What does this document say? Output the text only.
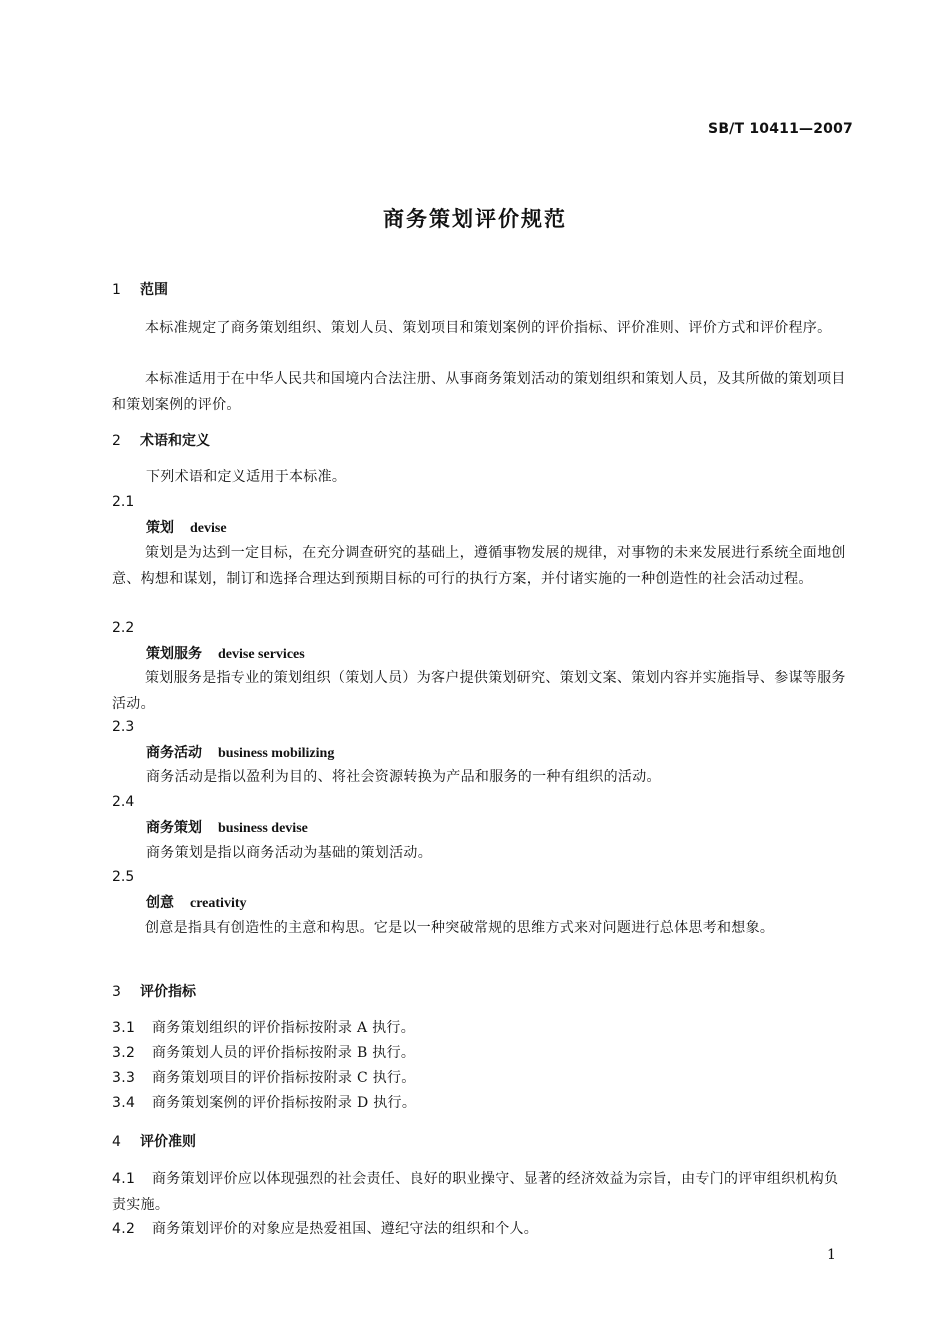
SB/T 10411—2007
商务策划评价规范
1 范围
本标准规定了商务策划组织、策划人员、策划项目和策划案例的评价指标、评价准则、评价方式和评价程序。
本标准适用于在中华人民共和国境内合法注册、从事商务策划活动的策划组织和策划人员，及其所做的策划项目和策划案例的评价。
2 术语和定义
下列术语和定义适用于本标准。
2.1
策划 devise
策划是为达到一定目标，在充分调查研究的基础上，遵循事物发展的规律，对事物的未来发展进行系统全面地创意、构想和谋划，制订和选择合理达到预期目标的可行的执行方案，并付诸实施的一种创造性的社会活动过程。
2.2
策划服务 devise services
策划服务是指专业的策划组织（策划人员）为客户提供策划研究、策划文案、策划内容并实施指导、参谋等服务活动。
2.3
商务活动 business mobilizing
商务活动是指以盈利为目的、将社会资源转换为产品和服务的一种有组织的活动。
2.4
商务策划 business devise
商务策划是指以商务活动为基础的策划活动。
2.5
创意 creativity
创意是指具有创造性的主意和构思。它是以一种突破常规的思维方式来对问题进行总体思考和想象。
3 评价指标
3.1 商务策划组织的评价指标按附录 A 执行。
3.2 商务策划人员的评价指标按附录 B 执行。
3.3 商务策划项目的评价指标按附录 C 执行。
3.4 商务策划案例的评价指标按附录 D 执行。
4 评价准则
4.1 商务策划评价应以体现强烈的社会责任、良好的职业操守、显著的经济效益为宗旨，由专门的评审组织机构负责实施。
4.2 商务策划评价的对象应是热爱祖国、遵纪守法的组织和个人。
1
